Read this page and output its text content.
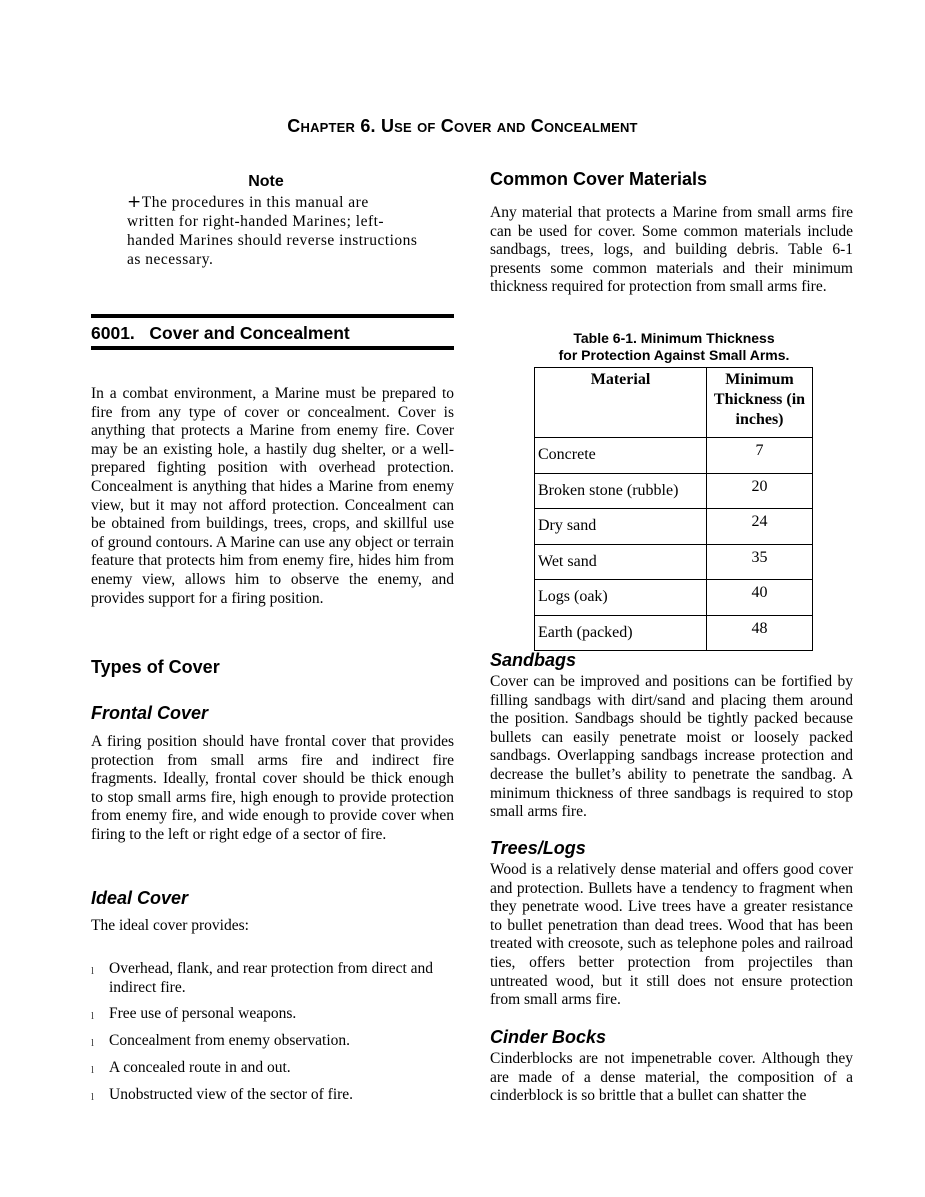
Chapter 6. Use of Cover and Concealment
Note
+The procedures in this manual are written for right-handed Marines; left-handed Marines should reverse instructions as necessary.
6001. Cover and Concealment

In a combat environment, a Marine must be prepared to fire from any type of cover or concealment. Cover is anything that protects a Marine from enemy fire. Cover may be an existing hole, a hastily dug shelter, or a well-prepared fighting position with overhead protection. Concealment is anything that hides a Marine from enemy view, but it may not afford protection. Concealment can be obtained from buildings, trees, crops, and skillful use of ground contours. A Marine can use any object or terrain feature that protects him from enemy fire, hides him from enemy view, allows him to observe the enemy, and provides support for a firing position.

Types of Cover
Frontal Cover

A firing position should have frontal cover that provides protection from small arms fire and indirect fire fragments. Ideally, frontal cover should be thick enough to stop small arms fire, high enough to provide protection from enemy fire, and wide enough to provide cover when firing to the left or right edge of a sector of fire.

Ideal Cover

The ideal cover provides:

l Overhead, flank, and rear protection from direct and indirect fire.
l Free use of personal weapons.
l Concealment from enemy observation.
l A concealed route in and out.
l Unobstructed view of the sector of fire.
Common Cover Materials

Any material that protects a Marine from small arms fire can be used for cover. Some common materials include sandbags, trees, logs, and building debris. Table 6-1 presents some common materials and their minimum thickness required for protection from small arms fire.

Table 6-1. Minimum Thickness
for Protection Against Small Arms.
Material	Minimum Thickness (in inches)
Concrete	7
Broken stone (rubble)	20
Dry sand	24
Wet sand	35
Logs (oak)	40
Earth (packed)	48
Sandbags

Cover can be improved and positions can be fortified by filling sandbags with dirt/sand and placing them around the position. Sandbags should be tightly packed because bullets can easily penetrate moist or loosely packed sandbags. Overlapping sandbags increase protection and decrease the bullet’s ability to penetrate the sandbag. A minimum thickness of three sandbags is required to stop small arms fire.

Trees/Logs

Wood is a relatively dense material and offers good cover and protection. Bullets have a tendency to fragment when they penetrate wood. Live trees have a greater resistance to bullet penetration than dead trees. Wood that has been treated with creosote, such as telephone poles and railroad ties, offers better protection from projectiles than untreated wood, but it still does not ensure protection from small arms fire.

Cinder Bocks

Cinderblocks are not impenetrable cover. Although they are made of a dense material, the composition of a cinderblock is so brittle that a bullet can shatter the
